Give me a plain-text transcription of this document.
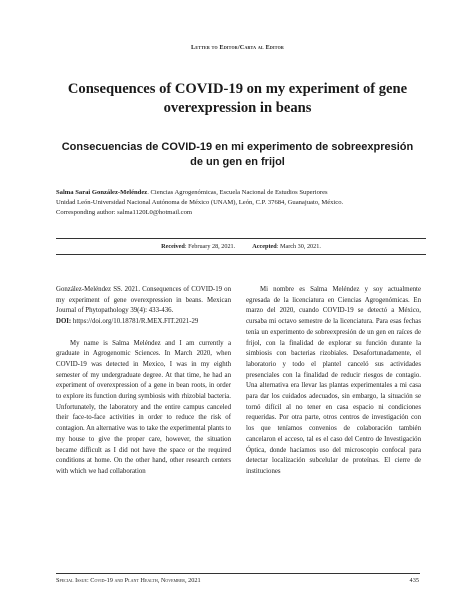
Letter to Editor/Carta al Editor
Consequences of COVID-19 on my experiment of gene overexpression in beans
Consecuencias de COVID-19 en mi experimento de sobreexpresión de un gen en frijol
Salma Sarai González-Meléndez. Ciencias Agrogenómicas, Escuela Nacional de Estudios Superiores
Unidad León-Universidad Nacional Autónoma de México (UNAM), León, C.P. 37684, Guanajuato, México.
Corresponding author: salma1120L0@hotmail.com
Received: February 28, 2021.	Accepted: March 30, 2021.

González-Meléndez SS. 2021. Consequences of COVID-19 on my experiment of gene overexpression in beans. Mexican Journal of Phytopathology 39(4): 433-436.

DOI: https://doi.org/10.18781/R.MEX.FIT.2021-29

My name is Salma Meléndez and I am currently a graduate in Agrogenomic Sciences. In March 2020, when COVID-19 was detected in Mexico, I was in my eighth semester of my undergraduate degree. At that time, he had an experiment of overexpression of a gene in bean roots, in order to explore its function during symbiosis with rhizobial bacteria. Unfortunately, the laboratory and the entire campus canceled their face-to-face activities in order to reduce the risk of contagion. An alternative was to take the experimental plants to my house to give the proper care, however, the situation became difficult as I did not have the space or the required conditions at home. On the other hand, other research centers with which we had collaboration

Mi nombre es Salma Meléndez y soy actualmente egresada de la licenciatura en Ciencias Agrogenómicas. En marzo del 2020, cuando COVID-19 se detectó a México, cursaba mi octavo semestre de la licenciatura. Para esas fechas tenía un experimento de sobreexpresión de un gen en raíces de frijol, con la finalidad de explorar su función durante la simbiosis con bacterias rizobiales. Desafortunadamente, el laboratorio y todo el plantel canceló sus actividades presenciales con la finalidad de reducir riesgos de contagio. Una alternativa era llevar las plantas experimentales a mi casa para dar los cuidados adecuados, sin embargo, la situación se tornó difícil al no tener en casa espacio ni condiciones requeridas. Por otra parte, otros centros de investigación con los que teníamos convenios de colaboración también cancelaron el acceso, tal es el caso del Centro de Investigación Óptica, donde hacíamos uso del microscopio confocal para detectar localización subcelular de proteínas. El cierre de instituciones

Special Issue: Covid-19 and Plant Health, November, 2021	435
